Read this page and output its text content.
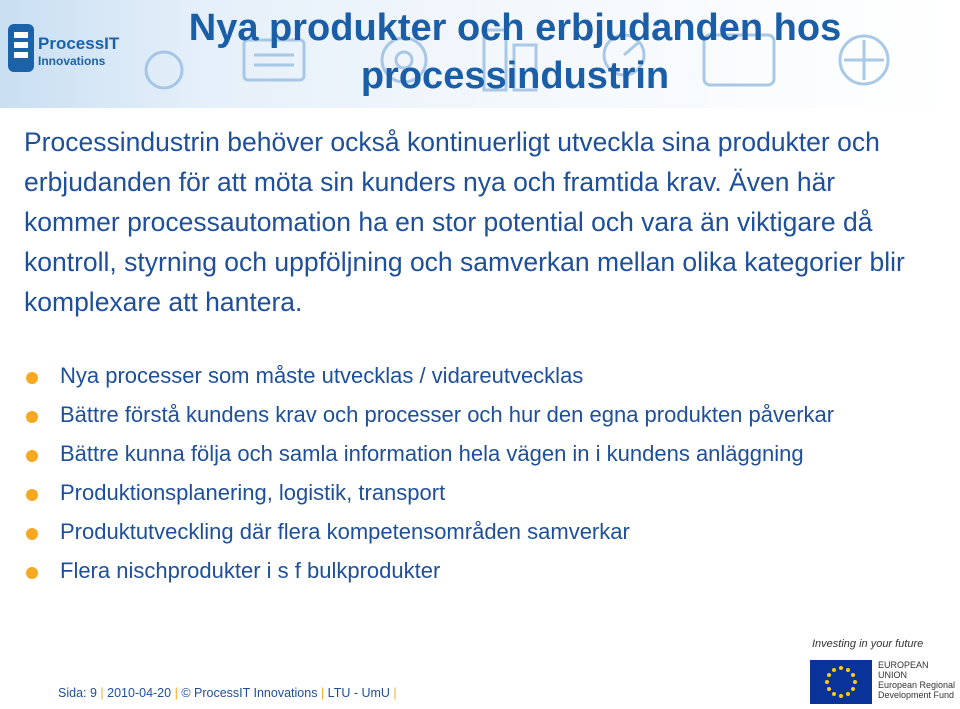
ProcessIT
Innovations
Nya produkter och erbjudanden hos processindustrin

Processindustrin behöver också kontinuerligt utveckla sina produkter och erbjudanden för att möta sin kunders nya och framtida krav. Även här kommer processautomation ha en stor potential och vara än viktigare då kontroll, styrning och uppföljning och samverkan mellan olika kategorier blir komplexare att hantera.

Nya processer som måste utvecklas / vidareutvecklas
Bättre förstå kundens krav och processer och hur den egna produkten påverkar
Bättre kunna följa och samla information hela vägen in i kundens anläggning
Produktionsplanering, logistik, transport
Produktutveckling där flera kompetensområden samverkar
Flera nischprodukter i s f bulkprodukter
Sida: 9 | 2010-04-20 | © ProcessIT Innovations | LTU - UmU |
Investing in your future
EUROPEAN
UNION
European Regional
Development Fund
